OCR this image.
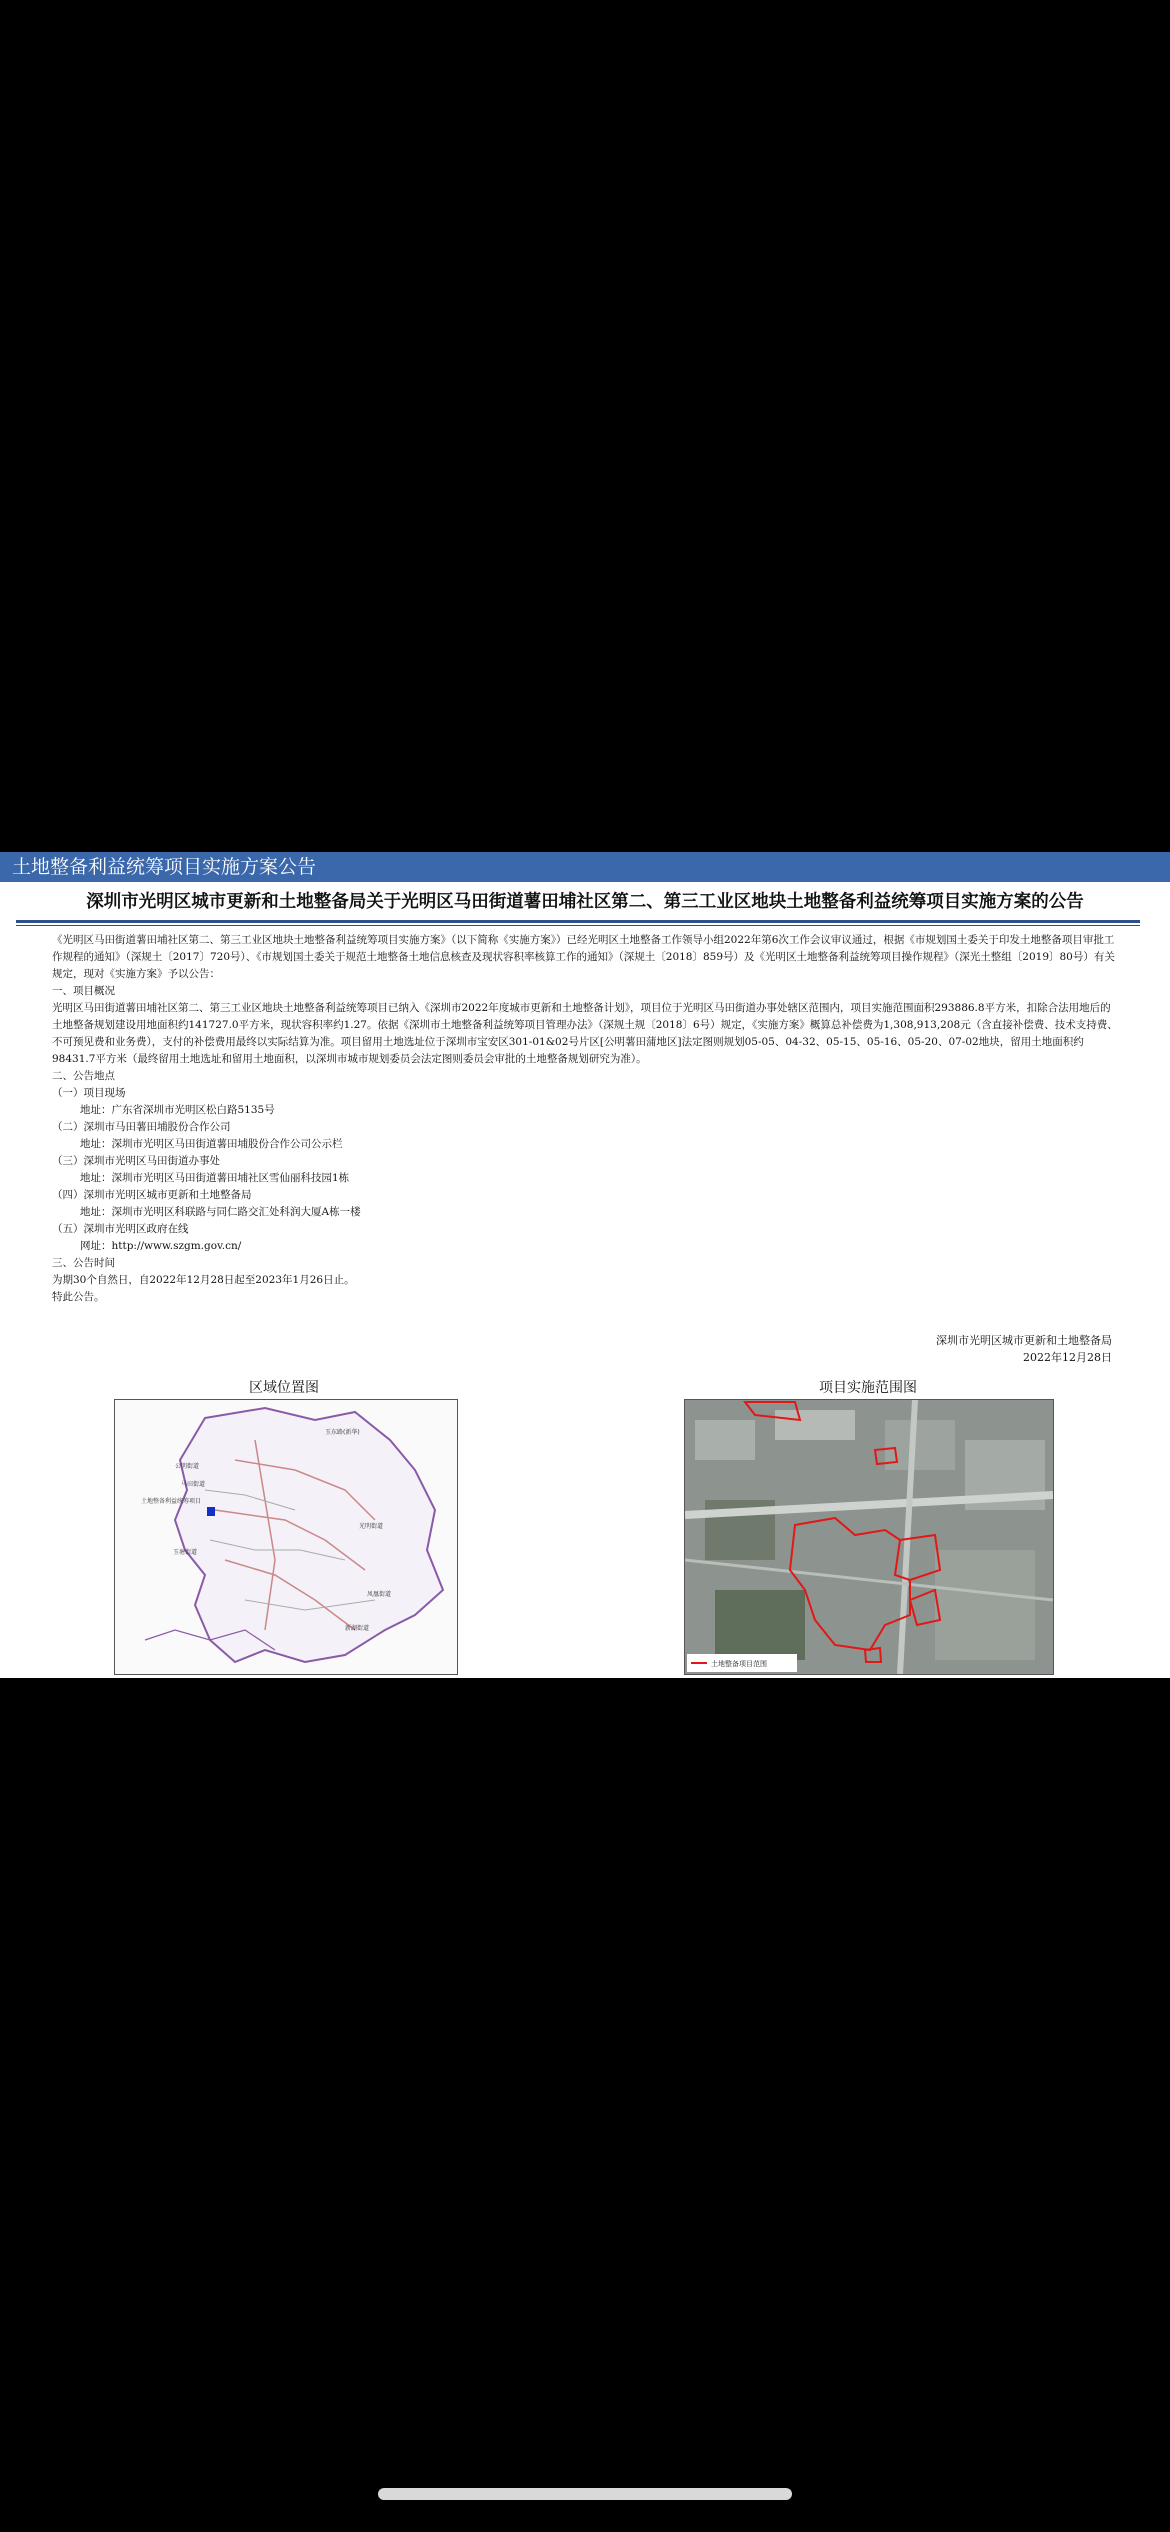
土地整备利益统筹项目实施方案公告
深圳市光明区城市更新和土地整备局关于光明区马田街道薯田埔社区第二、第三工业区地块土地整备利益统筹项目实施方案的公告

《光明区马田街道薯田埔社区第二、第三工业区地块土地整备利益统筹项目实施方案》（以下简称《实施方案》）已经光明区土地整备工作领导小组2022年第6次工作会议审议通过，根据《市规划国土委关于印发土地整备项目审批工作规程的通知》（深规土〔2017〕720号）、《市规划国土委关于规范土地整备土地信息核查及现状容积率核算工作的通知》（深规土〔2018〕859号）及《光明区土地整备利益统筹项目操作规程》（深光土整组〔2019〕80号）有关规定，现对《实施方案》予以公告：

一、项目概况

光明区马田街道薯田埔社区第二、第三工业区地块土地整备利益统筹项目已纳入《深圳市2022年度城市更新和土地整备计划》，项目位于光明区马田街道办事处辖区范围内，项目实施范围面积293886.8平方米，扣除合法用地后的土地整备规划建设用地面积约141727.0平方米，现状容积率约1.27。依据《深圳市土地整备利益统筹项目管理办法》（深规土规〔2018〕6号）规定，《实施方案》概算总补偿费为1,308,913,208元（含直接补偿费、技术支持费、不可预见费和业务费），支付的补偿费用最终以实际结算为准。项目留用土地选址位于深圳市宝安区301-01&02号片区[公明薯田蒲地区]法定图则规划05-05、04-32、05-15、05-16、05-20、07-02地块，留用土地面积约98431.7平方米（最终留用土地选址和留用土地面积，以深圳市城市规划委员会法定图则委员会审批的土地整备规划研究为准）。

二、公告地点

（一）项目现场

地址：广东省深圳市光明区松白路5135号

（二）深圳市马田薯田埔股份合作公司

地址：深圳市光明区马田街道薯田埔股份合作公司公示栏

（三）深圳市光明区马田街道办事处

地址：深圳市光明区马田街道薯田埔社区雪仙丽科技园1栋

（四）深圳市光明区城市更新和土地整备局

地址：深圳市光明区科联路与同仁路交汇处科润大厦A栋一楼

（五）深圳市光明区政府在线

网址：http://www.szgm.gov.cn/

三、公告时间

为期30个自然日，自2022年12月28日起至2023年1月26日止。

特此公告。

深圳市光明区城市更新和土地整备局
2022年12月28日
区域位置图
玉东路(新华)
公明街道
马田街道
土地整备利益统筹项目
玉塘街道
光明街道
凤凰街道
新湖街道
项目实施范围图
土地整备项目范围
